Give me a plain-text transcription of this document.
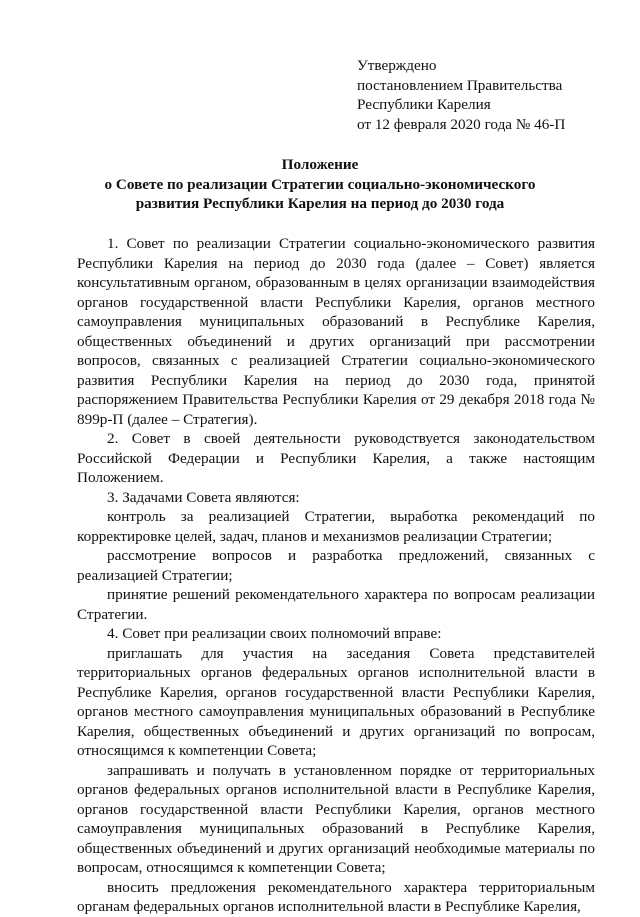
Утверждено
постановлением Правительства
Республики Карелия
от 12 февраля 2020 года № 46-П
Положение
о Совете по реализации Стратегии социально-экономического
развития Республики Карелия на период до 2030 года

1. Совет по реализации Стратегии социально-экономического развития Республики Карелия на период до 2030 года (далее – Совет) является консультативным органом, образованным в целях организации взаимодействия органов государственной власти Республики Карелия, органов местного самоуправления муниципальных образований в Республике Карелия, общественных объединений и других организаций при рассмотрении вопросов, связанных с реализацией Стратегии социально-экономического развития Республики Карелия на период до 2030 года, принятой распоряжением Правительства Республики Карелия от 29 декабря 2018 года № 899р-П (далее – Стратегия).

2. Совет в своей деятельности руководствуется законодательством Российской Федерации и Республики Карелия, а также настоящим Положением.

3. Задачами Совета являются:

контроль за реализацией Стратегии, выработка рекомендаций по корректировке целей, задач, планов и механизмов реализации Стратегии;

рассмотрение вопросов и разработка предложений, связанных с реализацией Стратегии;

принятие решений рекомендательного характера по вопросам реализации Стратегии.

4. Совет при реализации своих полномочий вправе:

приглашать для участия на заседания Совета представителей территориальных органов федеральных органов исполнительной власти в Республике Карелия, органов государственной власти Республики Карелия, органов местного самоуправления муниципальных образований в Республике Карелия, общественных объединений и других организаций по вопросам, относящимся к компетенции Совета;

запрашивать и получать в установленном порядке от территориальных органов федеральных органов исполнительной власти в Республике Карелия, органов государственной власти Республики Карелия, органов местного самоуправления муниципальных образований в Республике Карелия, общественных объединений и других организаций необходимые материалы по вопросам, относящимся к компетенции Совета;

вносить предложения рекомендательного характера территориальным органам федеральных органов исполнительной власти в Республике Карелия,
